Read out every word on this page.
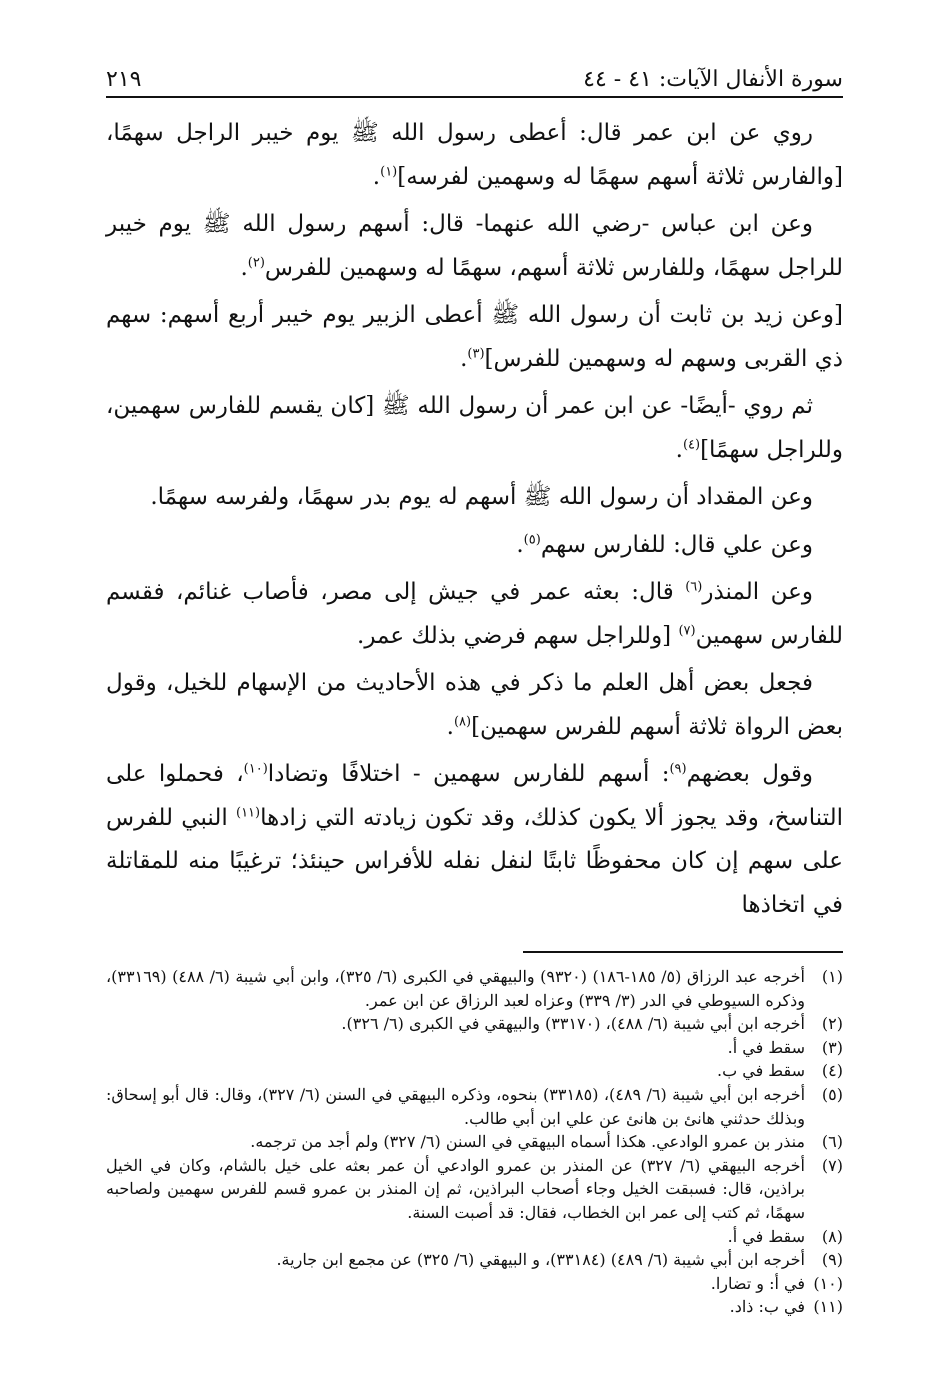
سورة الأنفال الآيات: ٤١ - ٤٤
٢١٩

روي عن ابن عمر قال: أعطى رسول الله ﷺ يوم خيبر الراجل سهمًا، [والفارس ثلاثة أسهم سهمًا له وسهمين لفرسه]$^{(١)}$.

وعن ابن عباس -رضي الله عنهما- قال: أسهم رسول الله ﷺ يوم خيبر للراجل سهمًا، وللفارس ثلاثة أسهم، سهمًا له وسهمين للفرس$^{(٢)}$.

[وعن زيد بن ثابت أن رسول الله ﷺ أعطى الزبير يوم خيبر أربع أسهم: سهم ذي القربى وسهم له وسهمين للفرس]$^{(٣)}$.

ثم روي -أيضًا- عن ابن عمر أن رسول الله ﷺ [كان يقسم للفارس سهمين، وللراجل سهمًا]$^{(٤)}$.

وعن المقداد أن رسول الله ﷺ أسهم له يوم بدر سهمًا، ولفرسه سهمًا.

وعن علي قال: للفارس سهم$^{(٥)}$.

وعن المنذر$^{(٦)}$ قال: بعثه عمر في جيش إلى مصر، فأصاب غنائم، فقسم للفارس سهمين$^{(٧)}$ [وللراجل سهم فرضي بذلك عمر.

فجعل بعض أهل العلم ما ذكر في هذه الأحاديث من الإسهام للخيل، وقول بعض الرواة ثلاثة أسهم للفرس سهمين]$^{(٨)}$.

وقول بعضهم$^{(٩)}$: أسهم للفارس سهمين - اختلافًا وتضادا$^{(١٠)}$، فحملوا على التناسخ، وقد يجوز ألا يكون كذلك، وقد تكون زيادته التي زادها$^{(١١)}$ النبي للفرس على سهم إن كان محفوظًا ثابتًا لنفل نفله للأفراس حينئذ؛ ترغيبًا منه للمقاتلة في اتخاذها

(١)
أخرجه عبد الرزاق (٥/ ١٨٥-١٨٦) (٩٣٢٠) والبيهقي في الكبرى (٦/ ٣٢٥)، وابن أبي شيبة (٦/ ٤٨٨) (٣٣١٦٩)، وذكره السيوطي في الدر (٣/ ٣٣٩) وعزاه لعبد الرزاق عن ابن عمر.
(٢)
أخرجه ابن أبي شيبة (٦/ ٤٨٨)، (٣٣١٧٠) والبيهقي في الكبرى (٦/ ٣٢٦).
(٣)
سقط في أ.
(٤)
سقط في ب.
(٥)
أخرجه ابن أبي شيبة (٦/ ٤٨٩)، (٣٣١٨٥) بنحوه، وذكره البيهقي في السنن (٦/ ٣٢٧)، وقال: قال أبو إسحاق: وبذلك حدثني هانئ بن هانئ عن علي ابن أبي طالب.
(٦)
منذر بن عمرو الوادعي. هكذا أسماه البيهقي في السنن (٦/ ٣٢٧) ولم أجد من ترجمه.
(٧)
أخرجه البيهقي (٦/ ٣٢٧) عن المنذر بن عمرو الوادعي أن عمر بعثه على خيل بالشام، وكان في الخيل براذين، قال: فسبقت الخيل وجاء أصحاب البراذين، ثم إن المنذر بن عمرو قسم للفرس سهمين ولصاحبه سهمًا، ثم كتب إلى عمر ابن الخطاب، فقال: قد أصبت السنة.
(٨)
سقط في أ.
(٩)
أخرجه ابن أبي شيبة (٦/ ٤٨٩) (٣٣١٨٤)، و البيهقي (٦/ ٣٢٥) عن مجمع ابن جارية.
(١٠)
في أ: و تضارا.
(١١)
في ب: ذاد.
